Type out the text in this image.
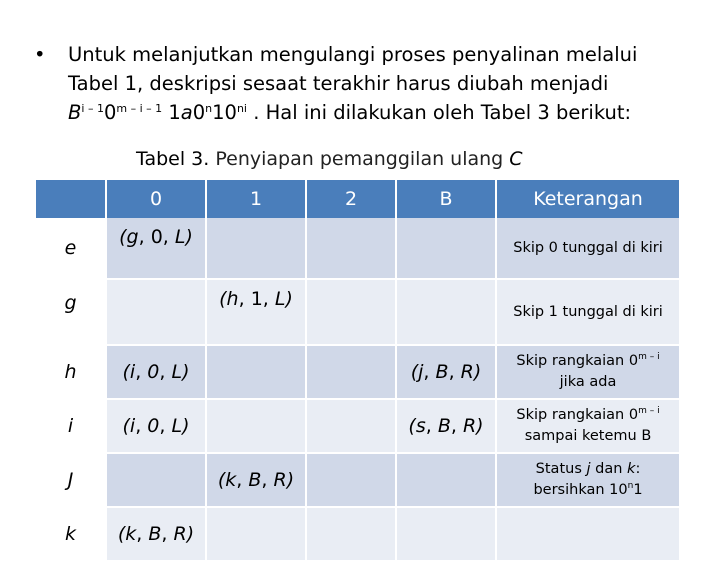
• Untuk melanjutkan mengulangi proses penyalinan melalui
Tabel 1, deskripsi sesaat terakhir harus diubah menjadi
$B^{i - 1}0^{m - i - 1}$ $1a0^n10^{ni}$ . Hal ini dilakukan oleh Tabel 3 berikut:
Tabel 3. Penyiapan pemanggilan ulang C
	0	1	2	B	Keterangan
e	(g, 0, L)				Skip 0 tunggal di kiri
g		(h, 1, L)			Skip 1 tunggal di kiri
h	(i, 0, L)			(j, B, R)	Skip rangkaian 0$^{m - i}$
jika ada
i	(i, 0, L)			(s, B, R)	Skip rangkaian 0$^{m - i}$
sampai ketemu B
J		(k, B, R)			Status j dan k:
bersihkan 10$^n$1
k	(k, B, R)				
